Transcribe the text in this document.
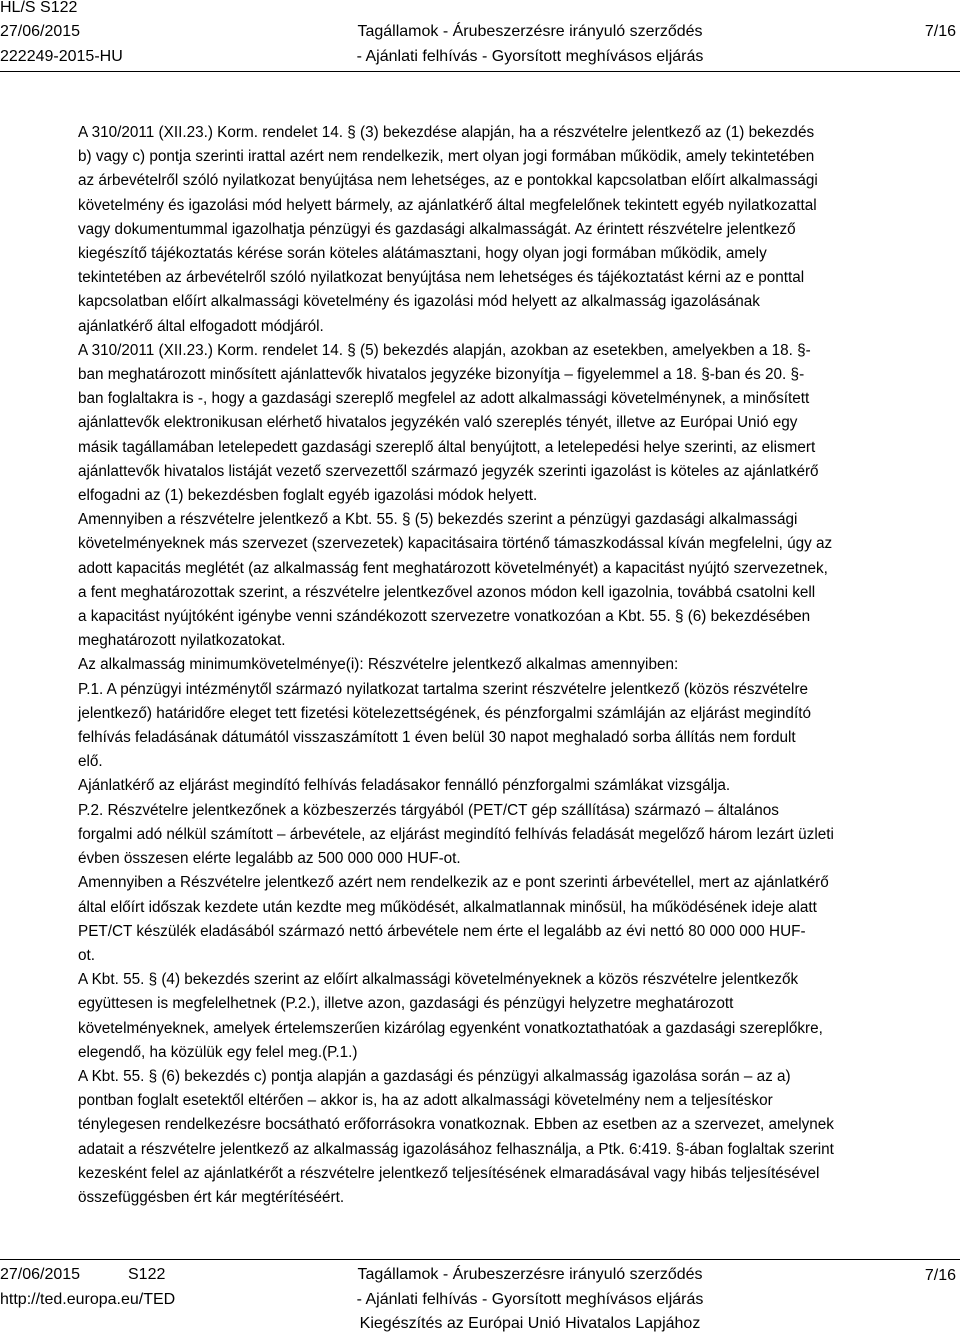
HL/S S122
27/06/2015
222249-2015-HU
Tagállamok - Árubeszerzésre irányuló szerződés
- Ajánlati felhívás - Gyorsított meghívásos eljárás
7/16

A 310/2011 (XII.23.) Korm. rendelet 14. § (3) bekezdése alapján, ha a részvételre jelentkező az (1) bekezdés

b) vagy c) pontja szerinti irattal azért nem rendelkezik, mert olyan jogi formában működik, amely tekintetében

az árbevételről szóló nyilatkozat benyújtása nem lehetséges, az e pontokkal kapcsolatban előírt alkalmassági

követelmény és igazolási mód helyett bármely, az ajánlatkérő által megfelelőnek tekintett egyéb nyilatkozattal

vagy dokumentummal igazolhatja pénzügyi és gazdasági alkalmasságát. Az érintett részvételre jelentkező

kiegészítő tájékoztatás kérése során köteles alátámasztani, hogy olyan jogi formában működik, amely

tekintetében az árbevételről szóló nyilatkozat benyújtása nem lehetséges és tájékoztatást kérni az e ponttal

kapcsolatban előírt alkalmassági követelmény és igazolási mód helyett az alkalmasság igazolásának

ajánlatkérő által elfogadott módjáról.

A 310/2011 (XII.23.) Korm. rendelet 14. § (5) bekezdés alapján, azokban az esetekben, amelyekben a 18. §-

ban meghatározott minősített ajánlattevők hivatalos jegyzéke bizonyítja – figyelemmel a 18. §-ban és 20. §-

ban foglaltakra is -, hogy a gazdasági szereplő megfelel az adott alkalmassági követelménynek, a minősített

ajánlattevők elektronikusan elérhető hivatalos jegyzékén való szereplés tényét, illetve az Európai Unió egy

másik tagállamában letelepedett gazdasági szereplő által benyújtott, a letelepedési helye szerinti, az elismert

ajánlattevők hivatalos listáját vezető szervezettől származó jegyzék szerinti igazolást is köteles az ajánlatkérő

elfogadni az (1) bekezdésben foglalt egyéb igazolási módok helyett.

Amennyiben a részvételre jelentkező a Kbt. 55. § (5) bekezdés szerint a pénzügyi gazdasági alkalmassági

követelményeknek más szervezet (szervezetek) kapacitásaira történő támaszkodással kíván megfelelni, úgy az

adott kapacitás meglétét (az alkalmasság fent meghatározott követelményét) a kapacitást nyújtó szervezetnek,

a fent meghatározottak szerint, a részvételre jelentkezővel azonos módon kell igazolnia, továbbá csatolni kell

a kapacitást nyújtóként igénybe venni szándékozott szervezetre vonatkozóan a Kbt. 55. § (6) bekezdésében

meghatározott nyilatkozatokat.

Az alkalmasság minimumkövetelménye(i): Részvételre jelentkező alkalmas amennyiben:

P.1. A pénzügyi intézménytől származó nyilatkozat tartalma szerint részvételre jelentkező (közös részvételre

jelentkező) határidőre eleget tett fizetési kötelezettségének, és pénzforgalmi számláján az eljárást megindító

felhívás feladásának dátumától visszaszámított 1 éven belül 30 napot meghaladó sorba állítás nem fordult

elő.

Ajánlatkérő az eljárást megindító felhívás feladásakor fennálló pénzforgalmi számlákat vizsgálja.

P.2. Részvételre jelentkezőnek a közbeszerzés tárgyából (PET/CT gép szállítása) származó – általános

forgalmi adó nélkül számított – árbevétele, az eljárást megindító felhívás feladását megelőző három lezárt üzleti

évben összesen elérte legalább az 500 000 000 HUF-ot.

Amennyiben a Részvételre jelentkező azért nem rendelkezik az e pont szerinti árbevétellel, mert az ajánlatkérő

által előírt időszak kezdete után kezdte meg működését, alkalmatlannak minősül, ha működésének ideje alatt

PET/CT készülék eladásából származó nettó árbevétele nem érte el legalább az évi nettó 80 000 000 HUF-

ot.

A Kbt. 55. § (4) bekezdés szerint az előírt alkalmassági követelményeknek a közös részvételre jelentkezők

együttesen is megfelelhetnek (P.2.), illetve azon, gazdasági és pénzügyi helyzetre meghatározott

követelményeknek, amelyek értelemszerűen kizárólag egyenként vonatkoztathatóak a gazdasági szereplőkre,

elegendő, ha közülük egy felel meg.(P.1.)

A Kbt. 55. § (6) bekezdés c) pontja alapján a gazdasági és pénzügyi alkalmasság igazolása során – az a)

pontban foglalt esetektől eltérően – akkor is, ha az adott alkalmassági követelmény nem a teljesítéskor

ténylegesen rendelkezésre bocsátható erőforrásokra vonatkoznak. Ebben az esetben az a szervezet, amelynek

adatait a részvételre jelentkező az alkalmasság igazolásához felhasználja, a Ptk. 6:419. §-ában foglaltak szerint

kezesként felel az ajánlatkérőt a részvételre jelentkező teljesítésének elmaradásával vagy hibás teljesítésével

összefüggésben ért kár megtérítéséért.

27/06/2015	S122
http://ted.europa.eu/TED
Tagállamok - Árubeszerzésre irányuló szerződés
- Ajánlati felhívás - Gyorsított meghívásos eljárás
Kiegészítés az Európai Unió Hivatalos Lapjához
7/16
